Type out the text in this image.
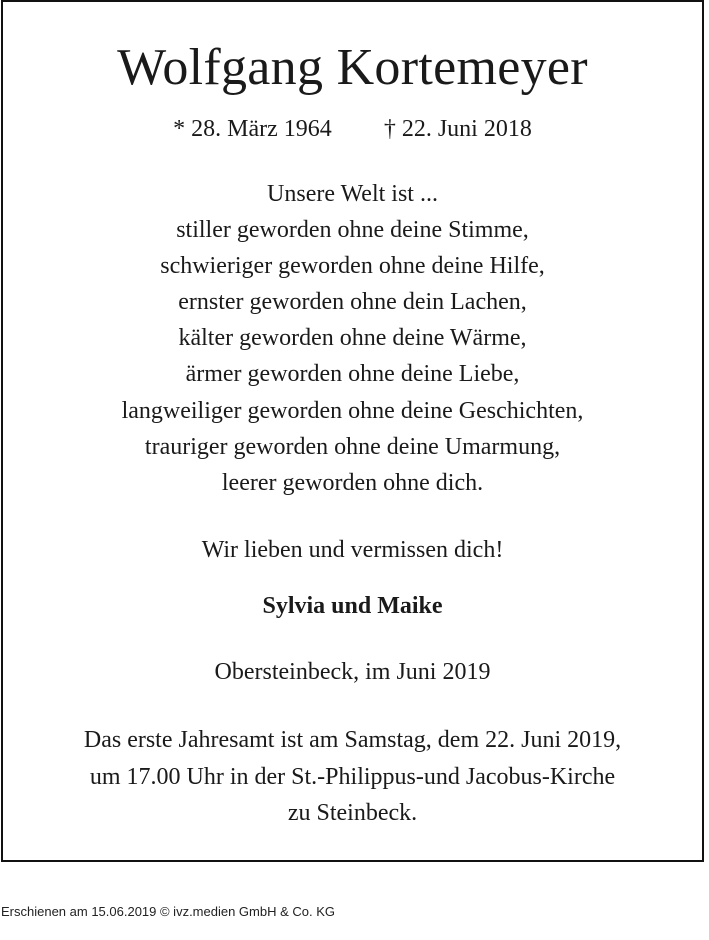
Wolfgang Kortemeyer
* 28. März 1964 † 22. Juni 2018
Unsere Welt ist ...
stiller geworden ohne deine Stimme,
schwieriger geworden ohne deine Hilfe,
ernster geworden ohne dein Lachen,
kälter geworden ohne deine Wärme,
ärmer geworden ohne deine Liebe,
langweiliger geworden ohne deine Geschichten,
trauriger geworden ohne deine Umarmung,
leerer geworden ohne dich.
Wir lieben und vermissen dich!
Sylvia und Maike
Obersteinbeck, im Juni 2019
Das erste Jahresamt ist am Samstag, dem 22. Juni 2019,
um 17.00 Uhr in der St.-Philippus-und Jacobus-Kirche
zu Steinbeck.
Erschienen am 15.06.2019 © ivz.medien GmbH & Co. KG
